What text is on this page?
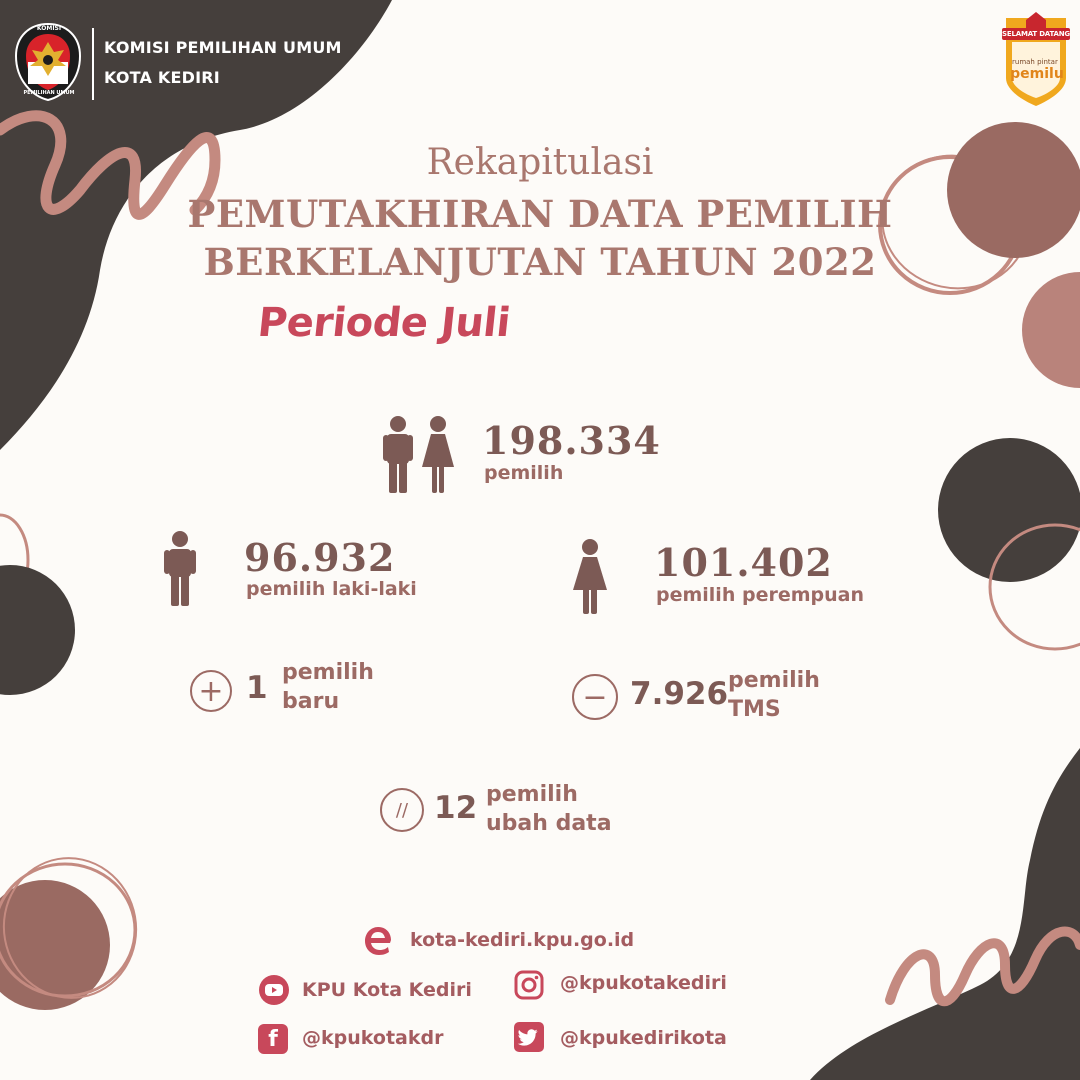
KOMISI
PEMILIHAN UMUM
KOMISI PEMILIHAN UMUM
KOTA KEDIRI
SELAMAT DATANG
rumah pintar
pemilu
Rekapitulasi
PEMUTAKHIRAN DATA PEMILIH
BERKELANJUTAN TAHUN 2022
Periode Juli
198.334
pemilih
96.932
pemilih laki-laki
101.402
pemilih perempuan
+ 1 pemilih
baru	− 7.926 pemilih
TMS
// 12 pemilih
ubah data
kota-kediri.kpu.go.id
KPU Kota Kediri	@kpukotakediri
f	@kpukotakdr	@kpukedirikota
